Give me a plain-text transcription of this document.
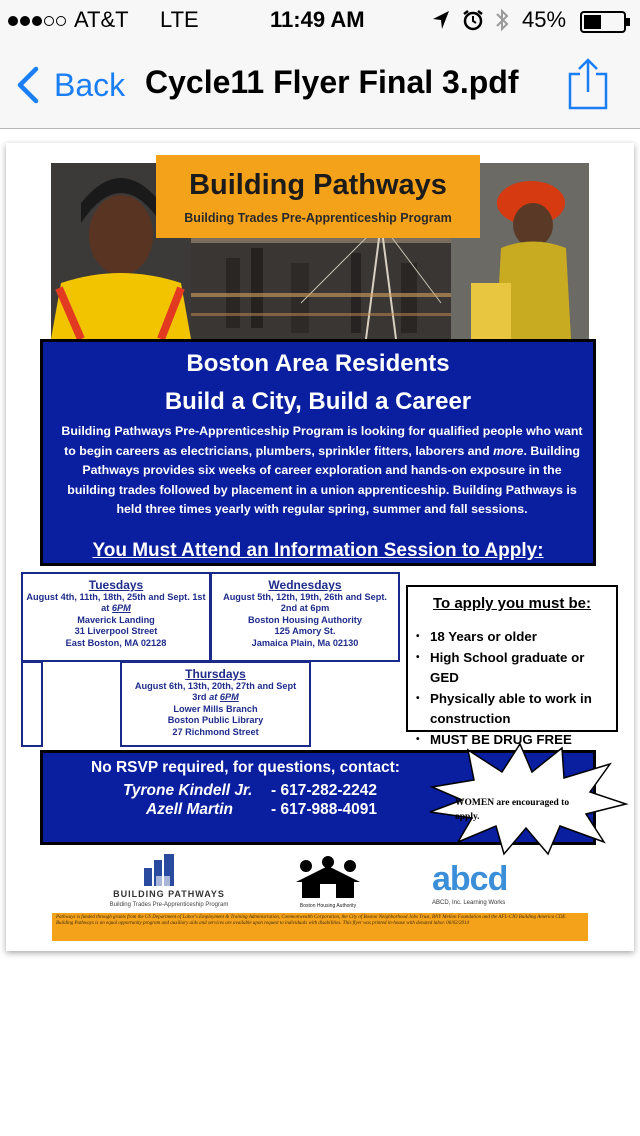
AT&T LTE	11:49 AM	45%
Back Cycle11 Flyer Final 3.pdf
Building Pathways
Building Trades Pre-Apprenticeship Program
Boston Area Residents
Build a City, Build a Career
Building Pathways Pre-Apprenticeship Program is looking for qualified people who want to begin careers as electricians, plumbers, sprinkler fitters, laborers and more. Building Pathways provides six weeks of career exploration and hands-on exposure in the building trades followed by placement in a union apprenticeship. Building Pathways is held three times yearly with regular spring, summer and fall sessions.
You Must Attend an Information Session to Apply:
Tuesdays
August 4th, 11th, 18th, 25th and Sept. 1st
at 6PM
Maverick Landing
31 Liverpool Street
East Boston, MA 02128
Wednesdays
August 5th, 12th, 19th, 26th and Sept.
2nd at 6pm
Boston Housing Authority
125 Amory St.
Jamaica Plain, Ma 02130
Thursdays
August 6th, 13th, 20th, 27th and Sept
3rd at 6PM
Lower Mills Branch
Boston Public Library
27 Richmond Street
To apply you must be:
• 18 Years or older
• High School graduate or GED
• Physically able to work in construction
• MUST BE DRUG FREE
No RSVP required, for questions, contact:
Tyrone Kindell Jr. - 617-282-2242
Azell Martin - 617-988-4091	WOMEN are encouraged to apply.
BUILDING PATHWAYS
Building Trades Pre-Apprenticeship Program	Boston Housing Authority
abcd
ABCD, Inc. Learning Works
Pathways is funded through grants from the US Department of Labor's Employment & Training Administration, Commonwealth Corporation, the City of Boston Neighborhood Jobs Trust, BNY Mellon Foundation and the AFL-CIO Building America CDE. Building Pathways is an equal opportunity program and auxiliary aids and services are available upon request to individuals with disabilities. This flyer was printed in-house with donated labor. 06/02/2014
